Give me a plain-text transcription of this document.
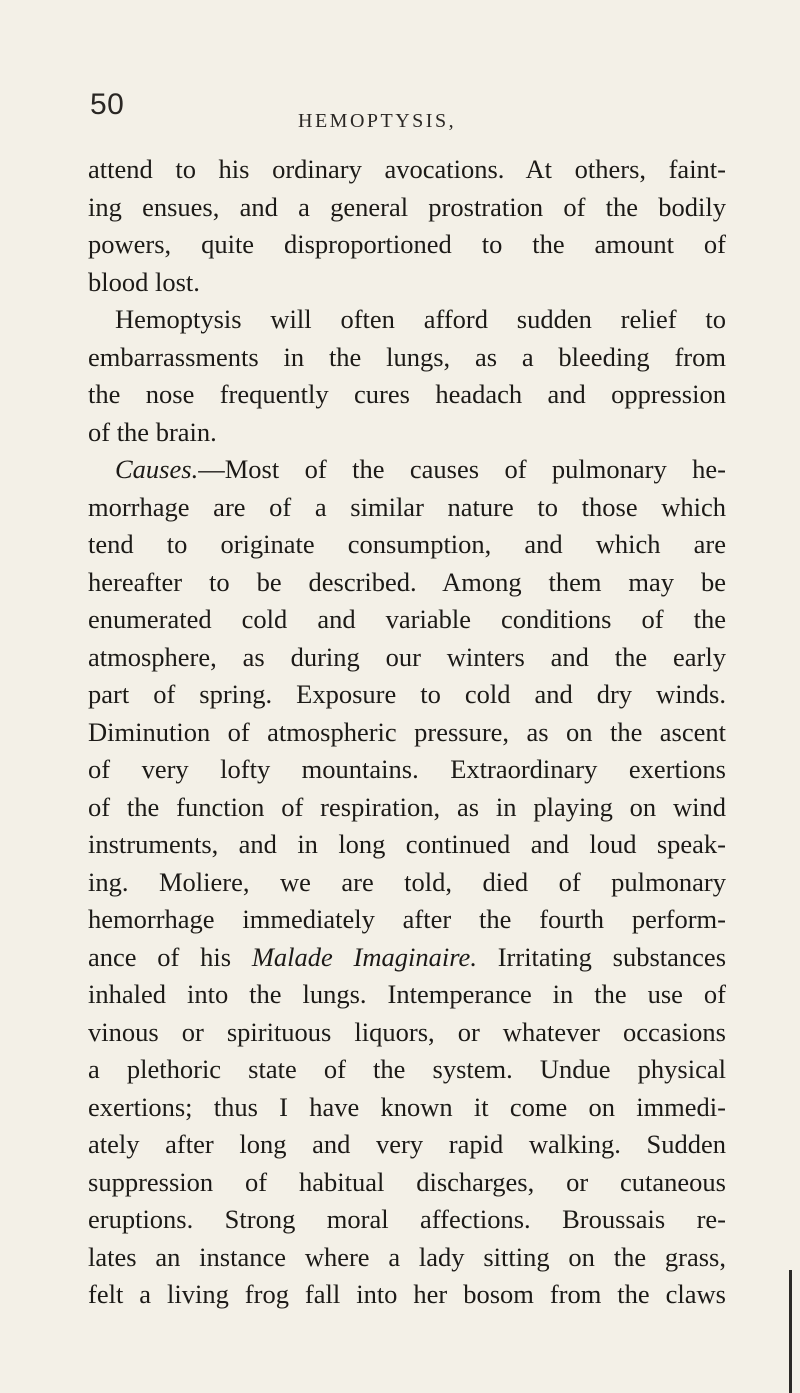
50	HEMOPTYSIS,
attend to his ordinary avocations. At others, faint-
ing ensues, and a general prostration of the bodily
powers, quite disproportioned to the amount of
blood lost.
Hemoptysis will often afford sudden relief to
embarrassments in the lungs, as a bleeding from
the nose frequently cures headach and oppression
of the brain.
Causes.—Most of the causes of pulmonary he-
morrhage are of a similar nature to those which
tend to originate consumption, and which are
hereafter to be described. Among them may be
enumerated cold and variable conditions of the
atmosphere, as during our winters and the early
part of spring. Exposure to cold and dry winds.
Diminution of atmospheric pressure, as on the ascent
of very lofty mountains. Extraordinary exertions
of the function of respiration, as in playing on wind
instruments, and in long continued and loud speak-
ing. Moliere, we are told, died of pulmonary
hemorrhage immediately after the fourth perform-
ance of his Malade Imaginaire. Irritating substances
inhaled into the lungs. Intemperance in the use of
vinous or spirituous liquors, or whatever occasions
a plethoric state of the system. Undue physical
exertions; thus I have known it come on immedi-
ately after long and very rapid walking. Sudden
suppression of habitual discharges, or cutaneous
eruptions. Strong moral affections. Broussais re-
lates an instance where a lady sitting on the grass,
felt a living frog fall into her bosom from the claws
